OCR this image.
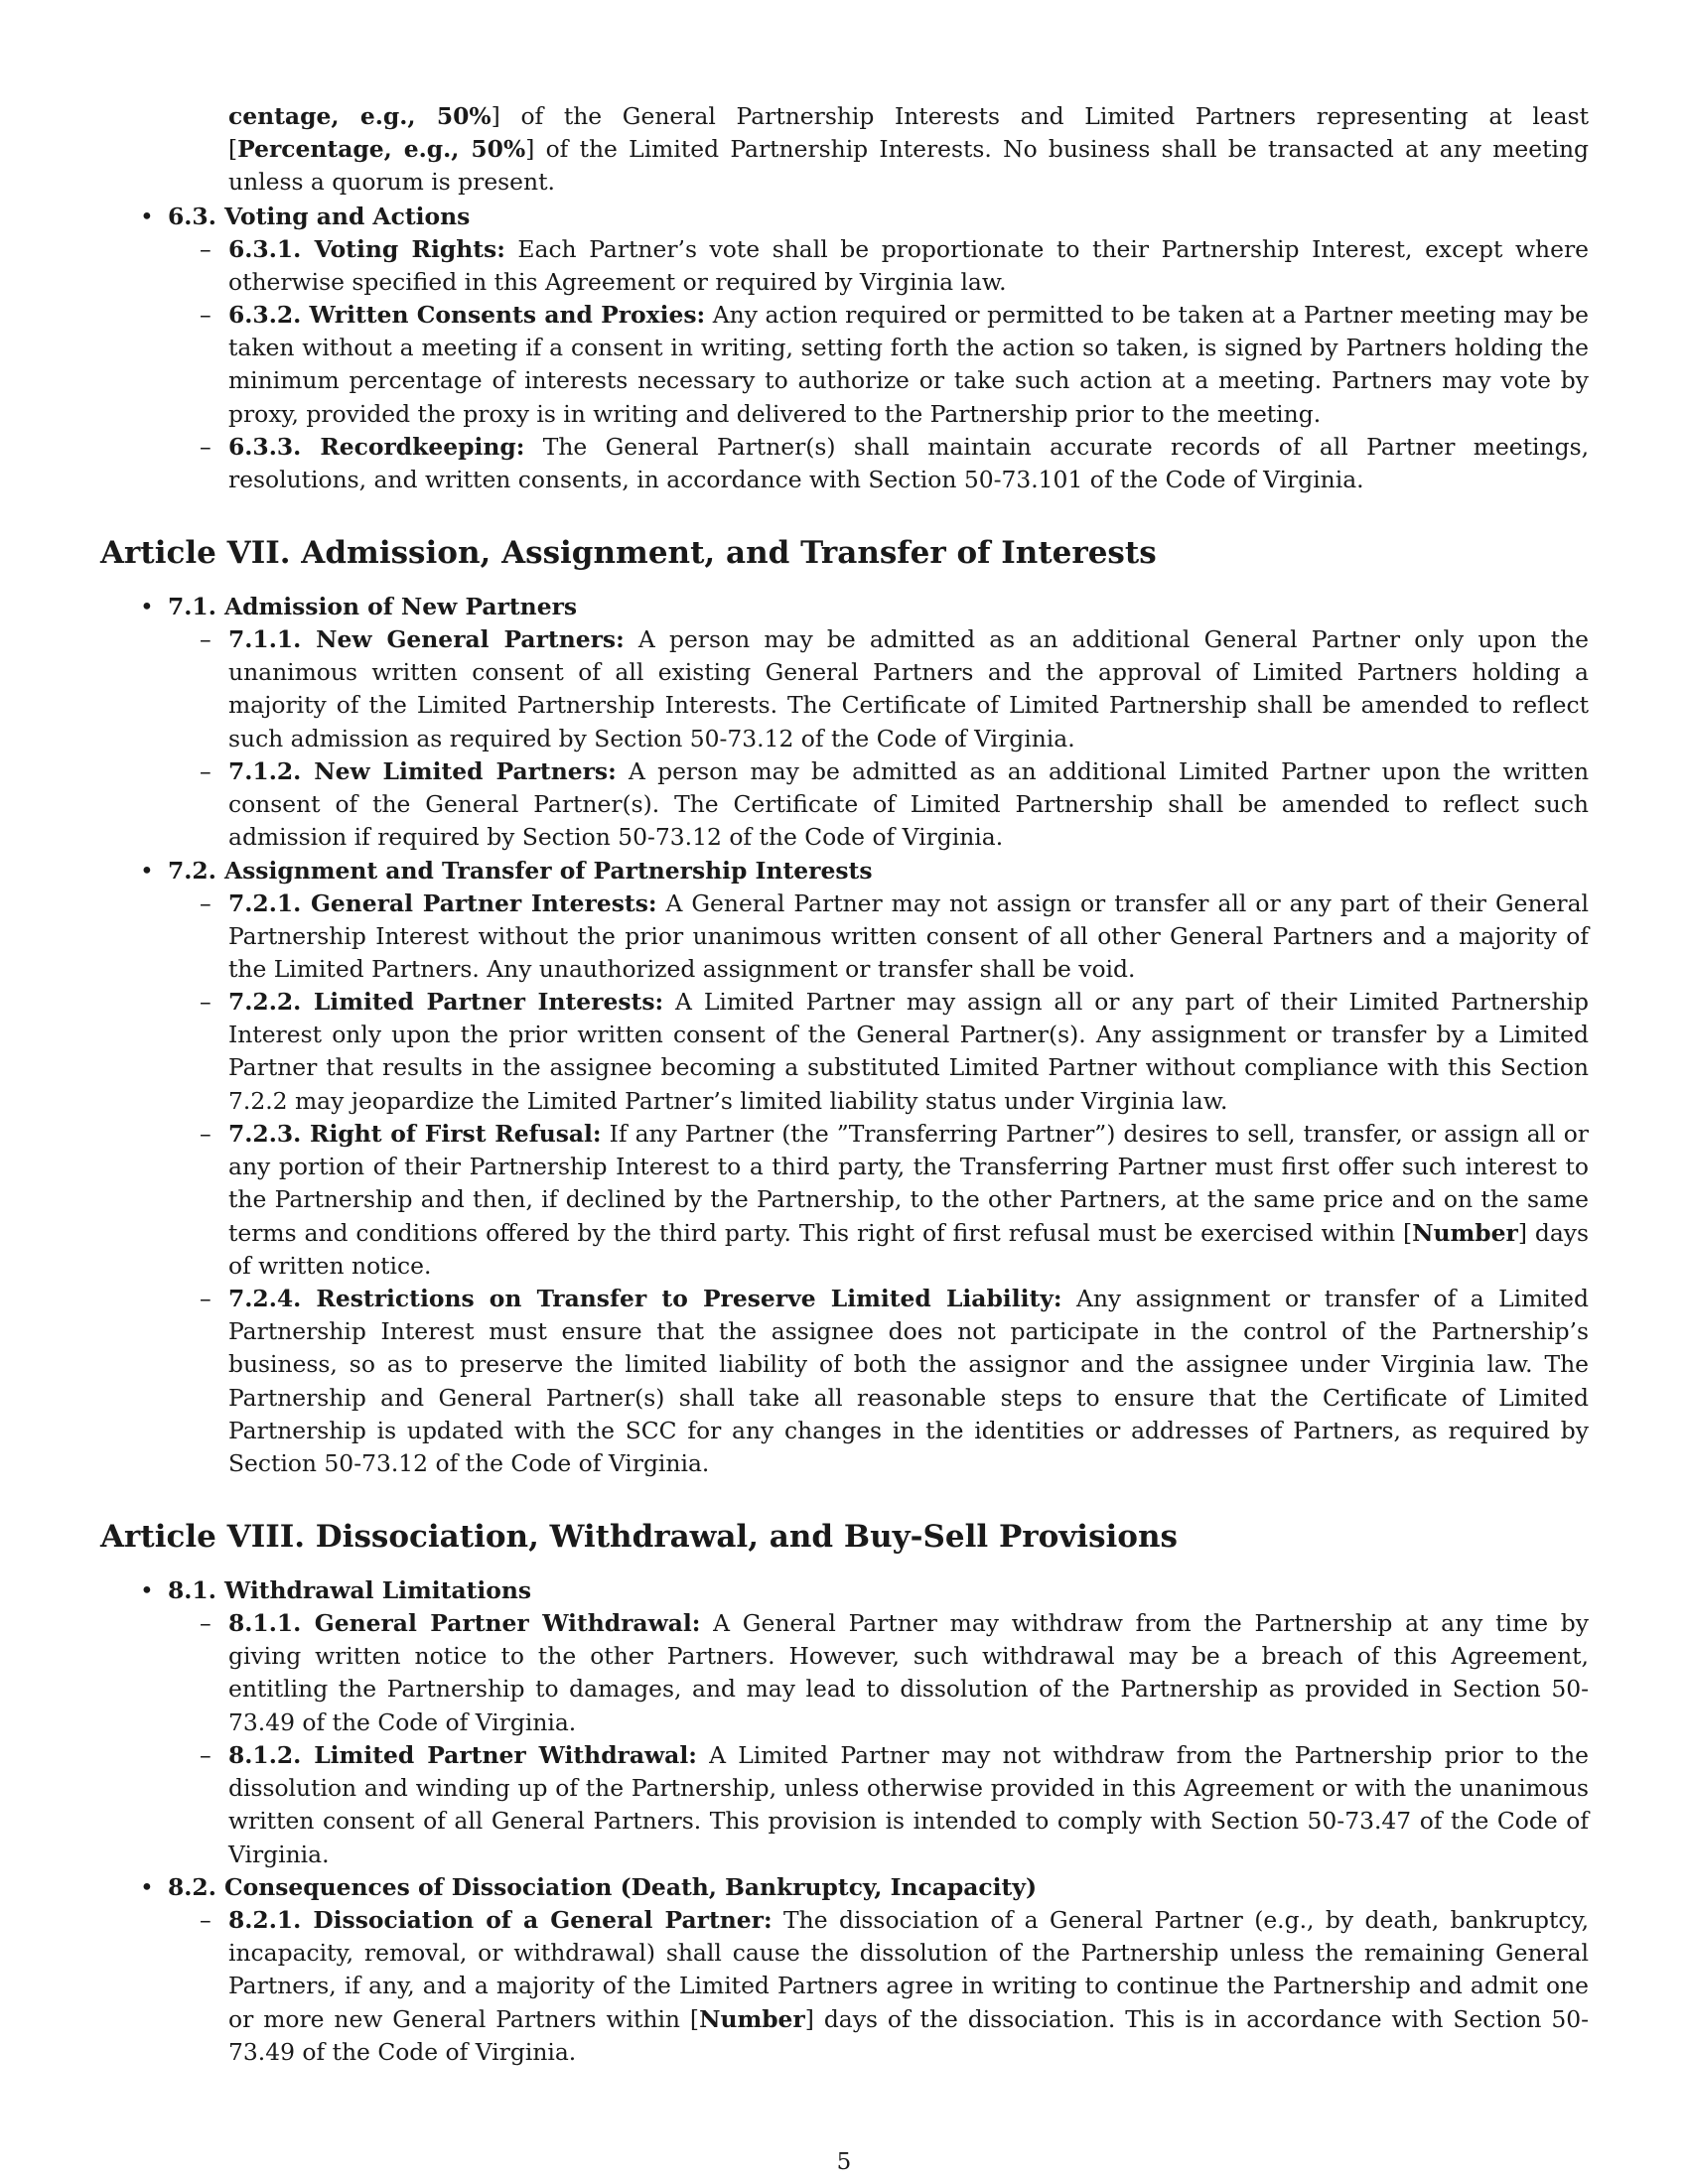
centage, e.g., 50%] of the General Partnership Interests and Limited Partners representing at least [Percentage, e.g., 50%] of the Limited Partnership Interests. No business shall be transacted at any meeting unless a quorum is present.
• 6.3. Voting and Actions
– 6.3.1. Voting Rights: Each Partner’s vote shall be proportionate to their Partnership Interest, except where otherwise specified in this Agreement or required by Virginia law.
– 6.3.2. Written Consents and Proxies: Any action required or permitted to be taken at a Partner meeting may be taken without a meeting if a consent in writing, setting forth the action so taken, is signed by Partners holding the minimum percentage of interests necessary to authorize or take such action at a meeting. Partners may vote by proxy, provided the proxy is in writing and delivered to the Partnership prior to the meeting.
– 6.3.3. Recordkeeping: The General Partner(s) shall maintain accurate records of all Partner meetings, resolutions, and written consents, in accordance with Section 50-73.101 of the Code of Virginia.
Article VII. Admission, Assignment, and Transfer of Interests
• 7.1. Admission of New Partners
– 7.1.1. New General Partners: A person may be admitted as an additional General Partner only upon the unanimous written consent of all existing General Partners and the approval of Limited Partners holding a majority of the Limited Partnership Interests. The Certificate of Limited Partnership shall be amended to reflect such admission as required by Section 50-73.12 of the Code of Virginia.
– 7.1.2. New Limited Partners: A person may be admitted as an additional Limited Partner upon the written consent of the General Partner(s). The Certificate of Limited Partnership shall be amended to reflect such admission if required by Section 50-73.12 of the Code of Virginia.
• 7.2. Assignment and Transfer of Partnership Interests
– 7.2.1. General Partner Interests: A General Partner may not assign or transfer all or any part of their General Partnership Interest without the prior unanimous written consent of all other General Partners and a majority of the Limited Partners. Any unauthorized assignment or transfer shall be void.
– 7.2.2. Limited Partner Interests: A Limited Partner may assign all or any part of their Limited Partnership Interest only upon the prior written consent of the General Partner(s). Any assignment or transfer by a Limited Partner that results in the assignee becoming a substituted Limited Partner without compliance with this Section 7.2.2 may jeopardize the Limited Partner’s limited liability status under Virginia law.
– 7.2.3. Right of First Refusal: If any Partner (the ”Transferring Partner”) desires to sell, transfer, or assign all or any portion of their Partnership Interest to a third party, the Transferring Partner must first offer such interest to the Partnership and then, if declined by the Partnership, to the other Partners, at the same price and on the same terms and conditions offered by the third party. This right of first refusal must be exercised within [Number] days of written notice.
– 7.2.4. Restrictions on Transfer to Preserve Limited Liability: Any assignment or transfer of a Limited Partnership Interest must ensure that the assignee does not participate in the control of the Partnership’s business, so as to preserve the limited liability of both the assignor and the assignee under Virginia law. The Partnership and General Partner(s) shall take all reasonable steps to ensure that the Certificate of Limited Partnership is updated with the SCC for any changes in the identities or addresses of Partners, as required by Section 50-73.12 of the Code of Virginia.
Article VIII. Dissociation, Withdrawal, and Buy-Sell Provisions
• 8.1. Withdrawal Limitations
– 8.1.1. General Partner Withdrawal: A General Partner may withdraw from the Partnership at any time by giving written notice to the other Partners. However, such withdrawal may be a breach of this Agreement, entitling the Partnership to damages, and may lead to dissolution of the Partnership as provided in Section 50-73.49 of the Code of Virginia.
– 8.1.2. Limited Partner Withdrawal: A Limited Partner may not withdraw from the Partnership prior to the dissolution and winding up of the Partnership, unless otherwise provided in this Agreement or with the unanimous written consent of all General Partners. This provision is intended to comply with Section 50-73.47 of the Code of Virginia.
• 8.2. Consequences of Dissociation (Death, Bankruptcy, Incapacity)
– 8.2.1. Dissociation of a General Partner: The dissociation of a General Partner (e.g., by death, bankruptcy, incapacity, removal, or withdrawal) shall cause the dissolution of the Partnership unless the remaining General Partners, if any, and a majority of the Limited Partners agree in writing to continue the Partnership and admit one or more new General Partners within [Number] days of the dissociation. This is in accordance with Section 50-73.49 of the Code of Virginia.
5
